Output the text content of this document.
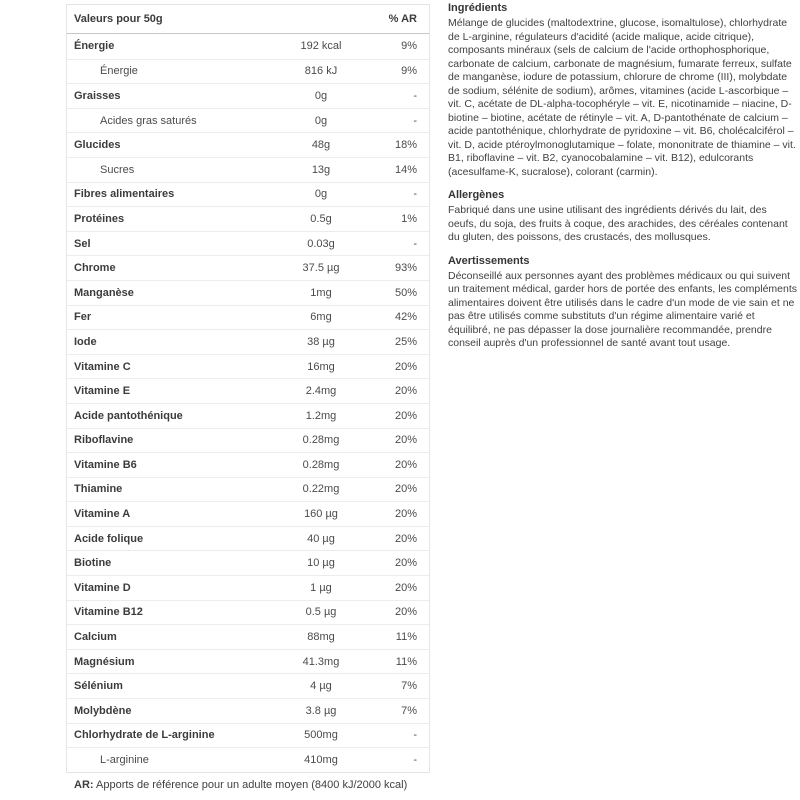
Valeurs pour 50g	% AR
Énergie	192 kcal	9%
Énergie	816 kJ	9%
Graisses	0g	-
Acides gras saturés	0g	-
Glucides	48g	18%
Sucres	13g	14%
Fibres alimentaires	0g	-
Protéines	0.5g	1%
Sel	0.03g	-
Chrome	37.5 µg	93%
Manganèse	1mg	50%
Fer	6mg	42%
Iode	38 µg	25%
Vitamine C	16mg	20%
Vitamine E	2.4mg	20%
Acide pantothénique	1.2mg	20%
Riboflavine	0.28mg	20%
Vitamine B6	0.28mg	20%
Thiamine	0.22mg	20%
Vitamine A	160 µg	20%
Acide folique	40 µg	20%
Biotine	10 µg	20%
Vitamine D	1 µg	20%
Vitamine B12	0.5 µg	20%
Calcium	88mg	11%
Magnésium	41.3mg	11%
Sélénium	4 µg	7%
Molybdène	3.8 µg	7%
Chlorhydrate de L-arginine	500mg	-
L-arginine	410mg	-
AR: Apports de référence pour un adulte moyen (8400 kJ/2000 kcal)
Ingrédients
Mélange de glucides (maltodextrine, glucose, isomaltulose), chlorhydrate de L-arginine, régulateurs d'acidité (acide malique, acide citrique), composants minéraux (sels de calcium de l'acide orthophosphorique, carbonate de calcium, carbonate de magnésium, fumarate ferreux, sulfate de manganèse, iodure de potassium, chlorure de chrome (III), molybdate de sodium, sélénite de sodium), arômes, vitamines (acide L-ascorbique – vit. C, acétate de DL-alpha-tocophéryle – vit. E, nicotinamide – niacine, D-biotine – biotine, acétate de rétinyle – vit. A, D-pantothénate de calcium – acide pantothénique, chlorhydrate de pyridoxine – vit. B6, cholécalciférol – vit. D, acide ptéroylmonoglutamique – folate, mononitrate de thiamine – vit. B1, riboflavine – vit. B2, cyanocobalamine – vit. B12), edulcorants (acesulfame-K, sucralose), colorant (carmin).
Allergènes
Fabriqué dans une usine utilisant des ingrédients dérivés du lait, des oeufs, du soja, des fruits à coque, des arachides, des céréales contenant du gluten, des poissons, des crustacés, des mollusques.
Avertissements
Déconseillé aux personnes ayant des problèmes médicaux ou qui suivent un traitement médical, garder hors de portée des enfants, les compléments alimentaires doivent être utilisés dans le cadre d'un mode de vie sain et ne pas être utilisés comme substituts d'un régime alimentaire varié et équilibré, ne pas dépasser la dose journalière recommandée, prendre conseil auprès d'un professionnel de santé avant tout usage.
